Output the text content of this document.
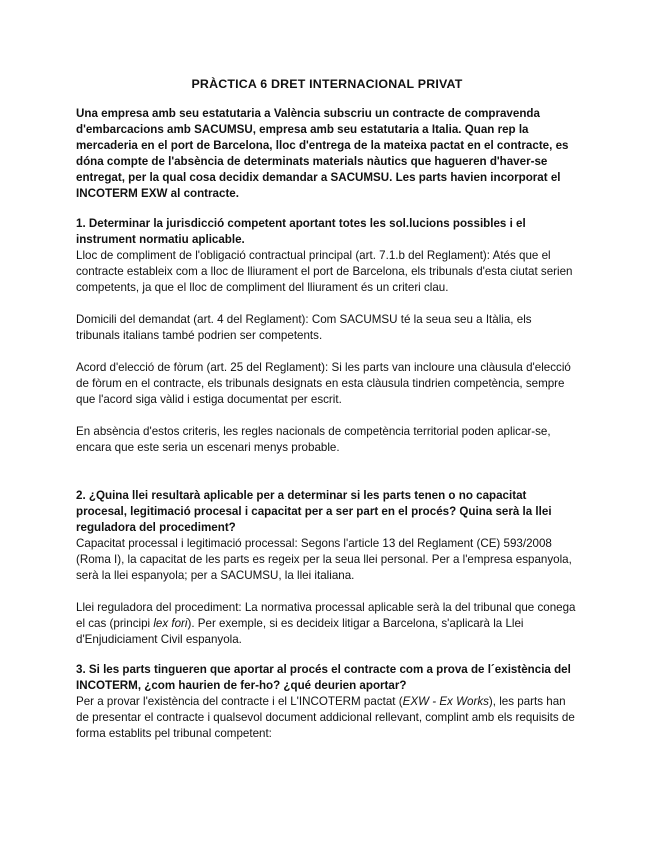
PRÀCTICA 6 DRET INTERNACIONAL PRIVAT

Una empresa amb seu estatutaria a València subscriu un contracte de compravenda d'embarcacions amb SACUMSU, empresa amb seu estatutaria a Italia. Quan rep la mercaderia en el port de Barcelona, lloc d'entrega de la mateixa pactat en el contracte, es dóna compte de l'absència de determinats materials nàutics que hagueren d'haver-se entregat, per la qual cosa decidix demandar a SACUMSU. Les parts havien incorporat el INCOTERM EXW al contracte.

1. Determinar la jurisdicció competent aportant totes les sol.lucions possibles i el instrument normatiu aplicable.

Lloc de compliment de l'obligació contractual principal (art. 7.1.b del Reglament): Atés que el contracte estableix com a lloc de lliurament el port de Barcelona, els tribunals d'esta ciutat serien competents, ja que el lloc de compliment del lliurament és un criteri clau.

Domicili del demandat (art. 4 del Reglament): Com SACUMSU té la seua seu a Itàlia, els tribunals italians també podrien ser competents.

Acord d'elecció de fòrum (art. 25 del Reglament): Si les parts van incloure una clàusula d'elecció de fòrum en el contracte, els tribunals designats en esta clàusula tindrien competència, sempre que l'acord siga vàlid i estiga documentat per escrit.

En absència d'estos criteris, les regles nacionals de competència territorial poden aplicar-se, encara que este seria un escenari menys probable.

2. ¿Quina llei resultarà aplicable per a determinar si les parts tenen o no capacitat procesal, legitimació procesal i capacitat per a ser part en el procés? Quina serà la llei reguladora del procediment?

Capacitat processal i legitimació processal: Segons l'article 13 del Reglament (CE) 593/2008 (Roma I), la capacitat de les parts es regeix per la seua llei personal. Per a l'empresa espanyola, serà la llei espanyola; per a SACUMSU, la llei italiana.

Llei reguladora del procediment: La normativa processal aplicable serà la del tribunal que conega el cas (principi lex fori). Per exemple, si es decideix litigar a Barcelona, s'aplicarà la Llei d'Enjudiciament Civil espanyola.

3. Si les parts tingueren que aportar al procés el contracte com a prova de l´existència del INCOTERM, ¿com haurien de fer-ho? ¿qué deurien aportar?

Per a provar l'existència del contracte i el L'INCOTERM pactat (EXW - Ex Works), les parts han de presentar el contracte i qualsevol document addicional rellevant, complint amb els requisits de forma establits pel tribunal competent:
